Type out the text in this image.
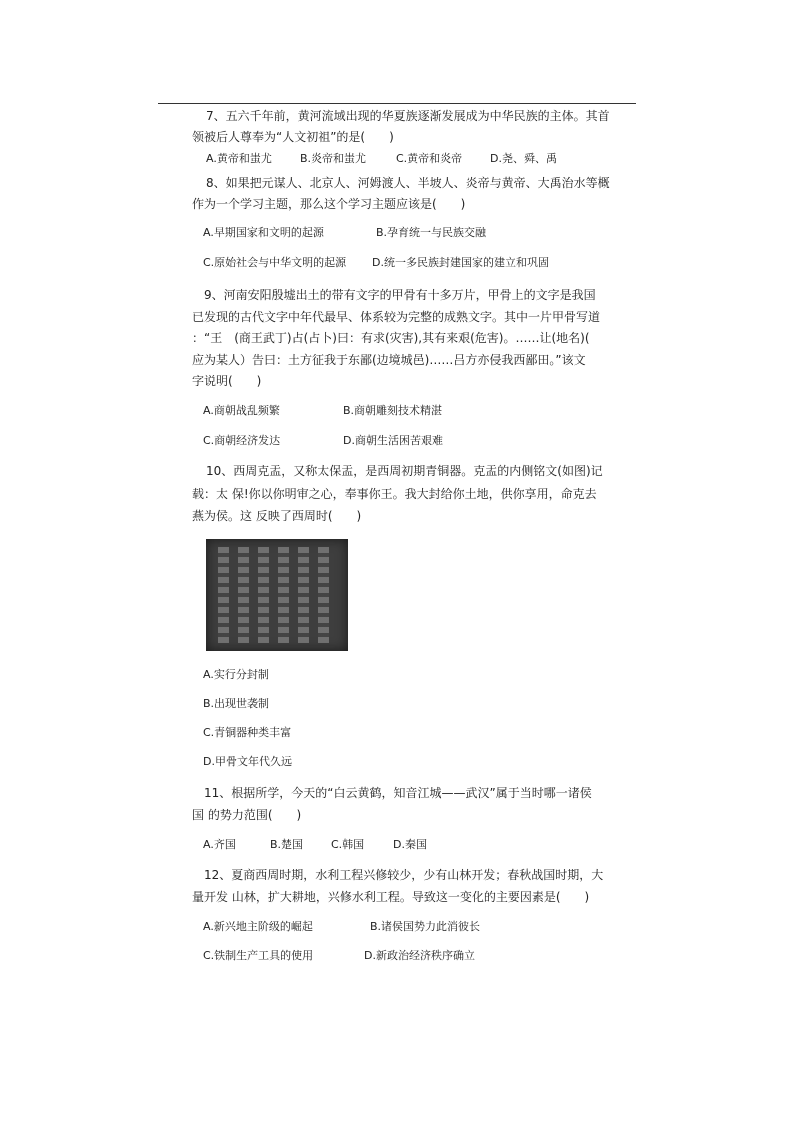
7、五六千年前，黄河流域出现的华夏族逐渐发展成为中华民族的主体。其首
领被后人尊奉为“人文初祖”的是(　　)
A.黄帝和蚩尤	B.炎帝和蚩尤	C.黄帝和炎帝	D.尧、舜、禹
8、如果把元谋人、北京人、河姆渡人、半坡人、炎帝与黄帝、大禹治水等概
作为一个学习主题，那么这个学习主题应该是(　　)
A.早期国家和文明的起源	B.孕育统一与民族交融
C.原始社会与中华文明的起源 D.统一多民族封建国家的建立和巩固
9、河南安阳殷墟出土的带有文字的甲骨有十多万片，甲骨上的文字是我国
已发现的古代文字中年代最早、体系较为完整的成熟文字。其中一片甲骨写道
：“王　(商王武丁)占(占卜)曰：有求(灾害),其有来艰(危害)。……让(地名)(
应为某人）告曰：土方征我于东鄙(边境城邑)……吕方亦侵我西鄙田。”该文
字说明(　　)
A.商朝战乱频繁	B.商朝雕刻技术精湛
C.商朝经济发达	D.商朝生活困苦艰难
10、西周克盂，又称太保盂，是西周初期青铜器。克盂的内侧铭文(如图)记
载：太 保!你以你明审之心，奉事你王。我大封给你土地，供你享用，命克去
燕为侯。这 反映了西周时(　　)
A.实行分封制
B.出现世袭制
C.青铜器种类丰富
D.甲骨文年代久远
11、根据所学，今天的“白云黄鹤，知音江城——武汉”属于当时哪一诸侯
国 的势力范围(　　)
A.齐国	B.楚国	C.韩国	D.秦国
12、夏商西周时期，水利工程兴修较少，少有山林开发；春秋战国时期，大
量开发 山林，扩大耕地，兴修水利工程。导致这一变化的主要因素是(　　)
A.新兴地主阶级的崛起	B.诸侯国势力此消彼长
C.铁制生产工具的使用	D.新政治经济秩序确立
